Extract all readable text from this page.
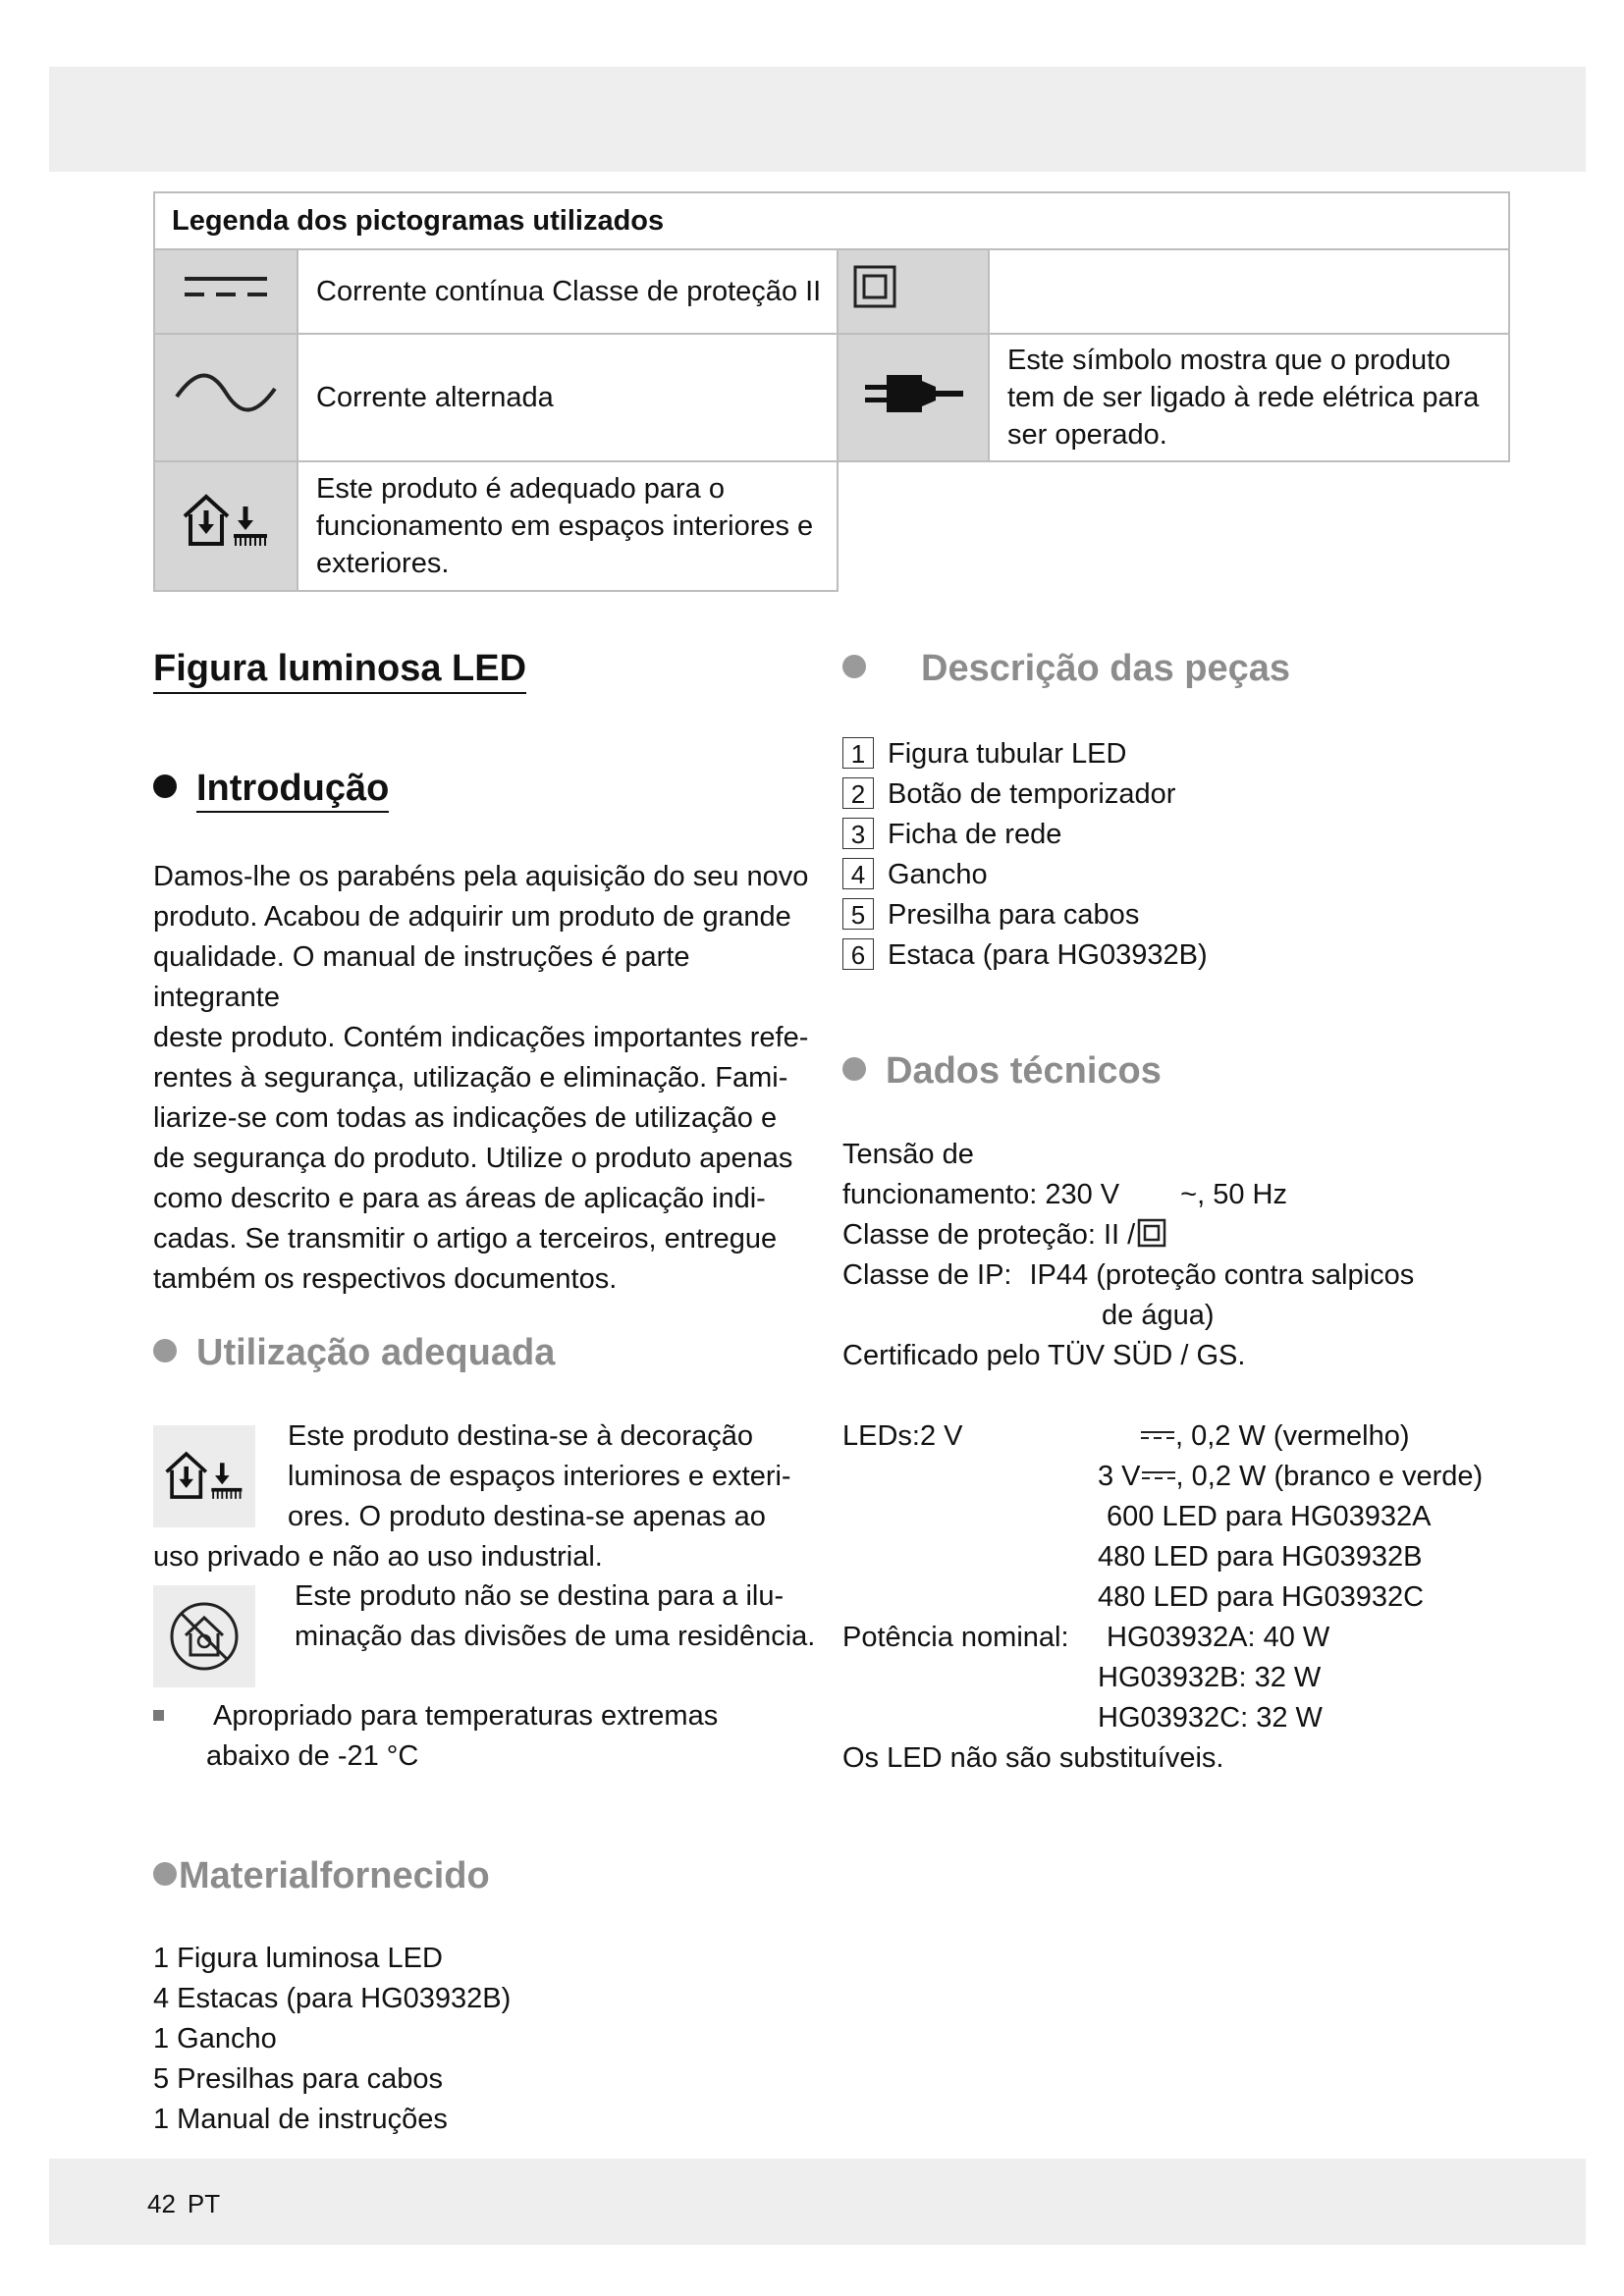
Legenda dos pictogramas utilizados			
	Corrente contínua Classe de proteção II		
	Corrente alternada		Este símbolo mostra que o produto tem de ser ligado à rede elétrica para ser operado.
	Este produto é adequado para o funcionamento em espaços interiores e exteriores.		
Figura luminosa LED
Introdução
Damos-lhe os parabéns pela aquisição do seu novo
produto. Acabou de adquirir um produto de grande
qualidade. O manual de instruções é parte integrante
deste produto. Contém indicações importantes refe-
rentes à segurança, utilização e eliminação. Fami-
liarize-se com todas as indicações de utilização e
de segurança do produto. Utilize o produto apenas
como descrito e para as áreas de aplicação indi-
cadas. Se transmitir o artigo a terceiros, entregue
também os respectivos documentos.
Utilização adequada
Este produto destina-se à decoração
luminosa de espaços interiores e exteri-
ores. O produto destina-se apenas ao
uso privado e não ao uso industrial.
Este produto não se destina para a ilu-
minação das divisões de uma residência.
Apropriado para temperaturas extremas
abaixo de -21 °C
Materialfornecido
1 Figura luminosa LED
4 Estacas (para HG03932B)
1 Gancho
5 Presilhas para cabos
1 Manual de instruções
Descrição das peças
1 Figura tubular LED
2 Botão de temporizador
3 Ficha de rede
4 Gancho
5 Presilha para cabos
6 Estaca (para HG03932B)
Dados técnicos
Tensão de
funcionamento: 230 V ~, 50 Hz
Classe de proteção: II /
Classe de IP: IP44 (proteção contra salpicos
de água)
Certificado pelo TÜV SÜD / GS.
LEDs:2 V	, 0,2 W (vermelho)
3 V , 0,2 W (branco e verde)
600 LED para HG03932A
480 LED para HG03932B
480 LED para HG03932C
Potência nominal: HG03932A: 40 W
HG03932B: 32 W
HG03932C: 32 W
Os LED não são substituíveis.
42 PT
